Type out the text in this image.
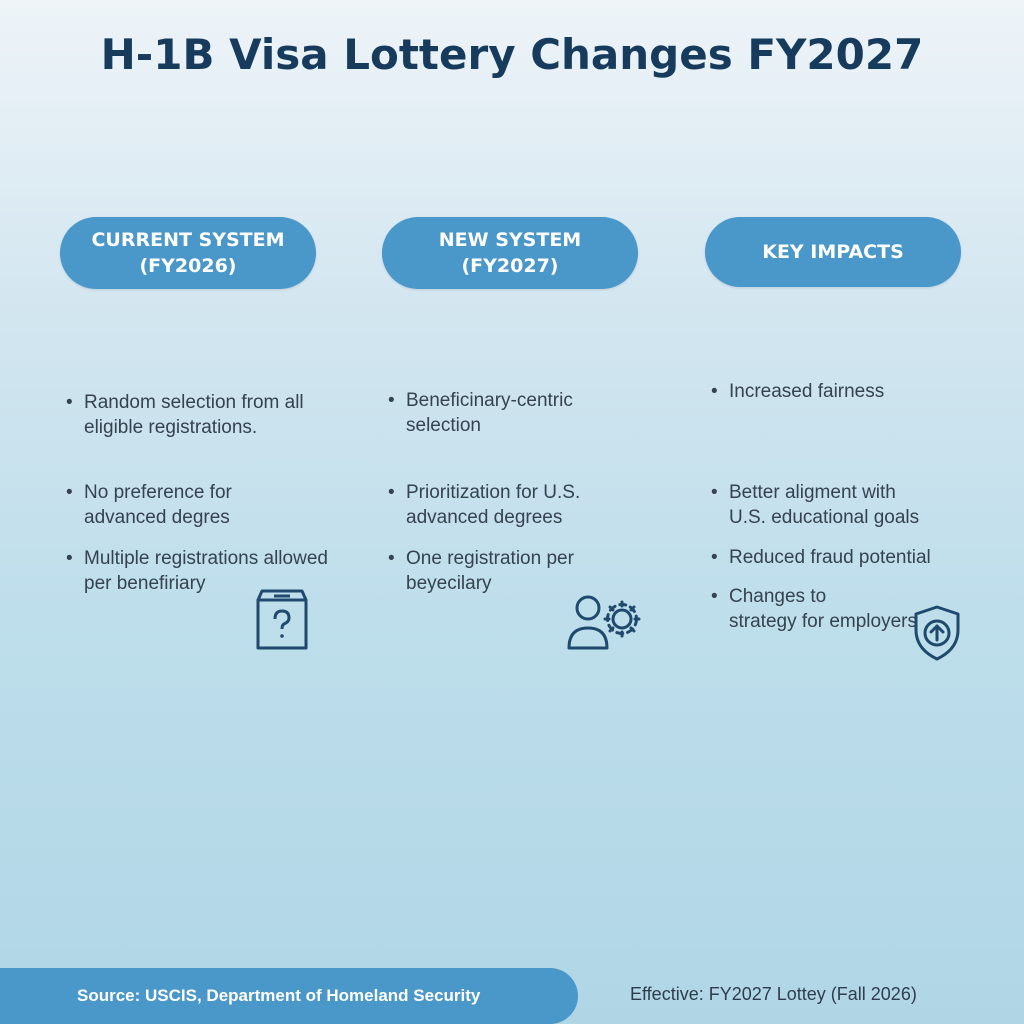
H-1B Visa Lottery Changes FY2027
CURRENT SYSTEM
(FY2026)
• Random selection from all
eligible registrations.
• No preference for
advanced degres
• Multiple registrations allowed
per benefiriary
NEW SYSTEM
(FY2027)
• Beneficinary-centric
selection
• Prioritization for U.S.
advanced degrees
• One registration per
beyecilary
KEY IMPACTS
• Increased fairness
• Better aligment with
U.S. educational goals
• Reduced fraud potential
• Changes to
strategy for employers
Source: USCIS, Department of Homeland Security	Effective: FY2027 Lottey (Fall 2026)
